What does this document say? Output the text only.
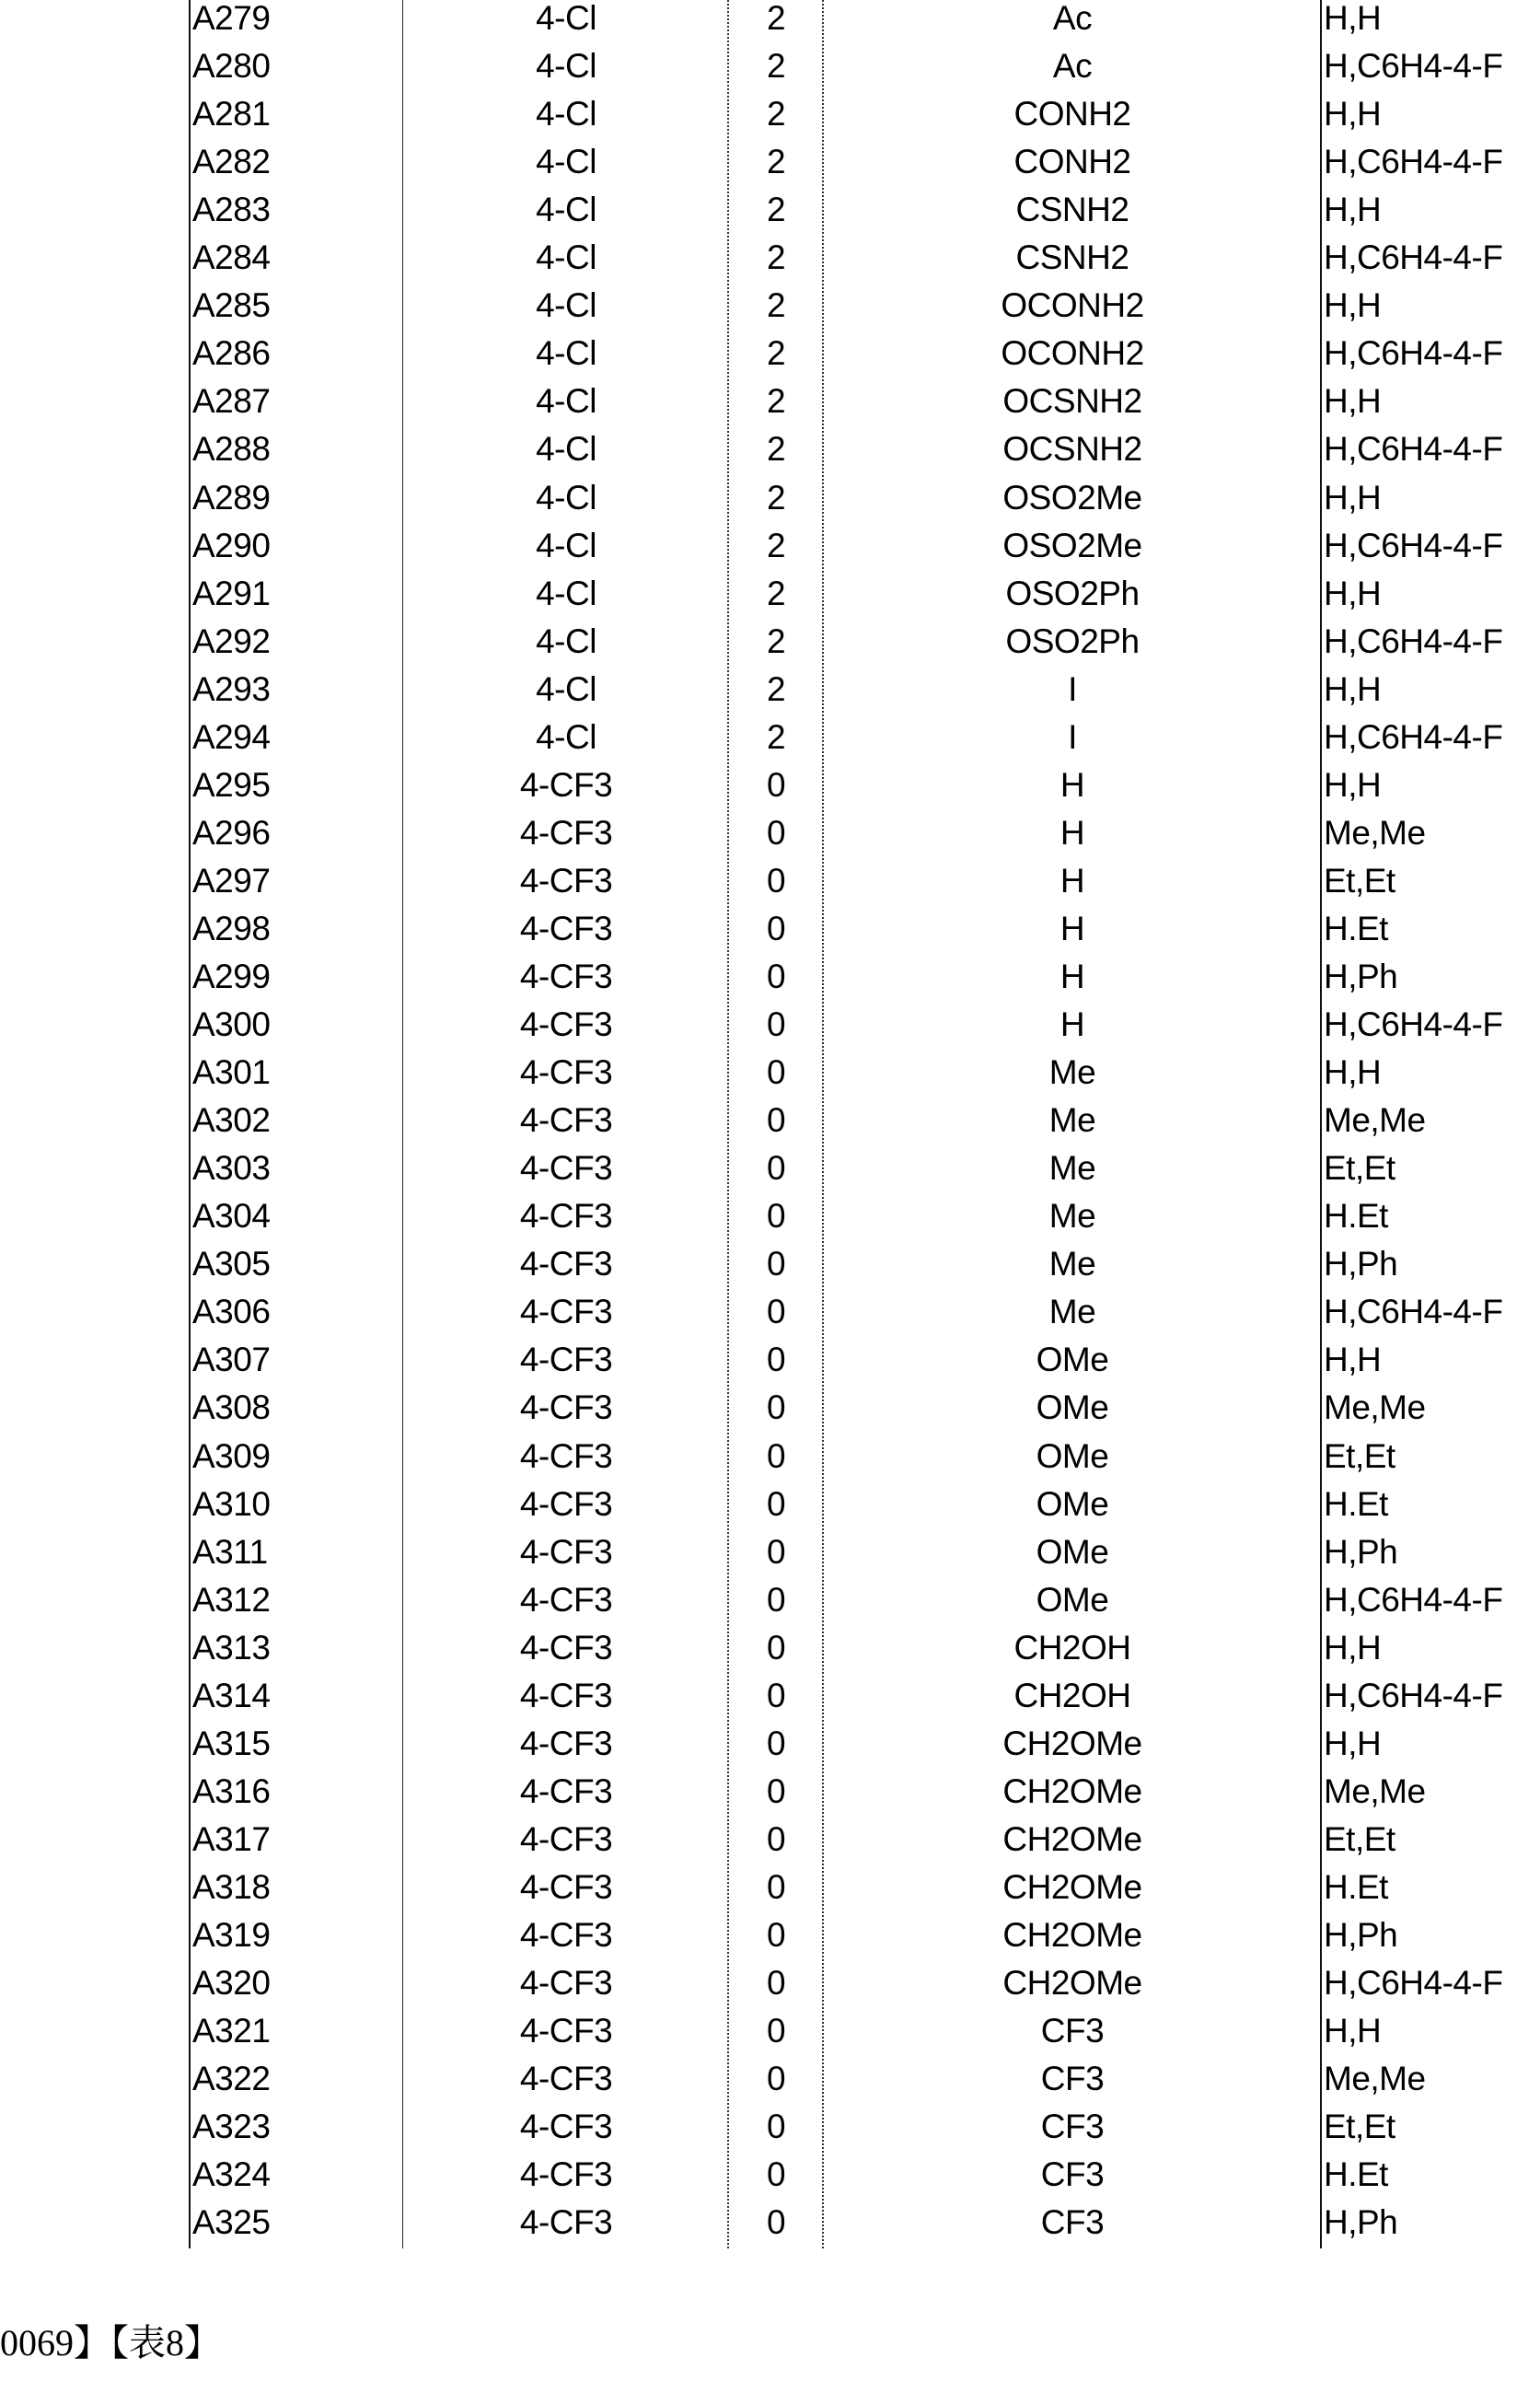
A279	4-Cl	2	Ac	H,H
A280	4-Cl	2	Ac	H,C6H4-4-F
A281	4-Cl	2	CONH2	H,H
A282	4-Cl	2	CONH2	H,C6H4-4-F
A283	4-Cl	2	CSNH2	H,H
A284	4-Cl	2	CSNH2	H,C6H4-4-F
A285	4-Cl	2	OCONH2	H,H
A286	4-Cl	2	OCONH2	H,C6H4-4-F
A287	4-Cl	2	OCSNH2	H,H
A288	4-Cl	2	OCSNH2	H,C6H4-4-F
A289	4-Cl	2	OSO2Me	H,H
A290	4-Cl	2	OSO2Me	H,C6H4-4-F
A291	4-Cl	2	OSO2Ph	H,H
A292	4-Cl	2	OSO2Ph	H,C6H4-4-F
A293	4-Cl	2	I	H,H
A294	4-Cl	2	I	H,C6H4-4-F
A295	4-CF3	0	H	H,H
A296	4-CF3	0	H	Me,Me
A297	4-CF3	0	H	Et,Et
A298	4-CF3	0	H	H.Et
A299	4-CF3	0	H	H,Ph
A300	4-CF3	0	H	H,C6H4-4-F
A301	4-CF3	0	Me	H,H
A302	4-CF3	0	Me	Me,Me
A303	4-CF3	0	Me	Et,Et
A304	4-CF3	0	Me	H.Et
A305	4-CF3	0	Me	H,Ph
A306	4-CF3	0	Me	H,C6H4-4-F
A307	4-CF3	0	OMe	H,H
A308	4-CF3	0	OMe	Me,Me
A309	4-CF3	0	OMe	Et,Et
A310	4-CF3	0	OMe	H.Et
A311	4-CF3	0	OMe	H,Ph
A312	4-CF3	0	OMe	H,C6H4-4-F
A313	4-CF3	0	CH2OH	H,H
A314	4-CF3	0	CH2OH	H,C6H4-4-F
A315	4-CF3	0	CH2OMe	H,H
A316	4-CF3	0	CH2OMe	Me,Me
A317	4-CF3	0	CH2OMe	Et,Et
A318	4-CF3	0	CH2OMe	H.Et
A319	4-CF3	0	CH2OMe	H,Ph
A320	4-CF3	0	CH2OMe	H,C6H4-4-F
A321	4-CF3	0	CF3	H,H
A322	4-CF3	0	CF3	Me,Me
A323	4-CF3	0	CF3	Et,Et
A324	4-CF3	0	CF3	H.Et
A325	4-CF3	0	CF3	H,Ph
0069】【表8】
